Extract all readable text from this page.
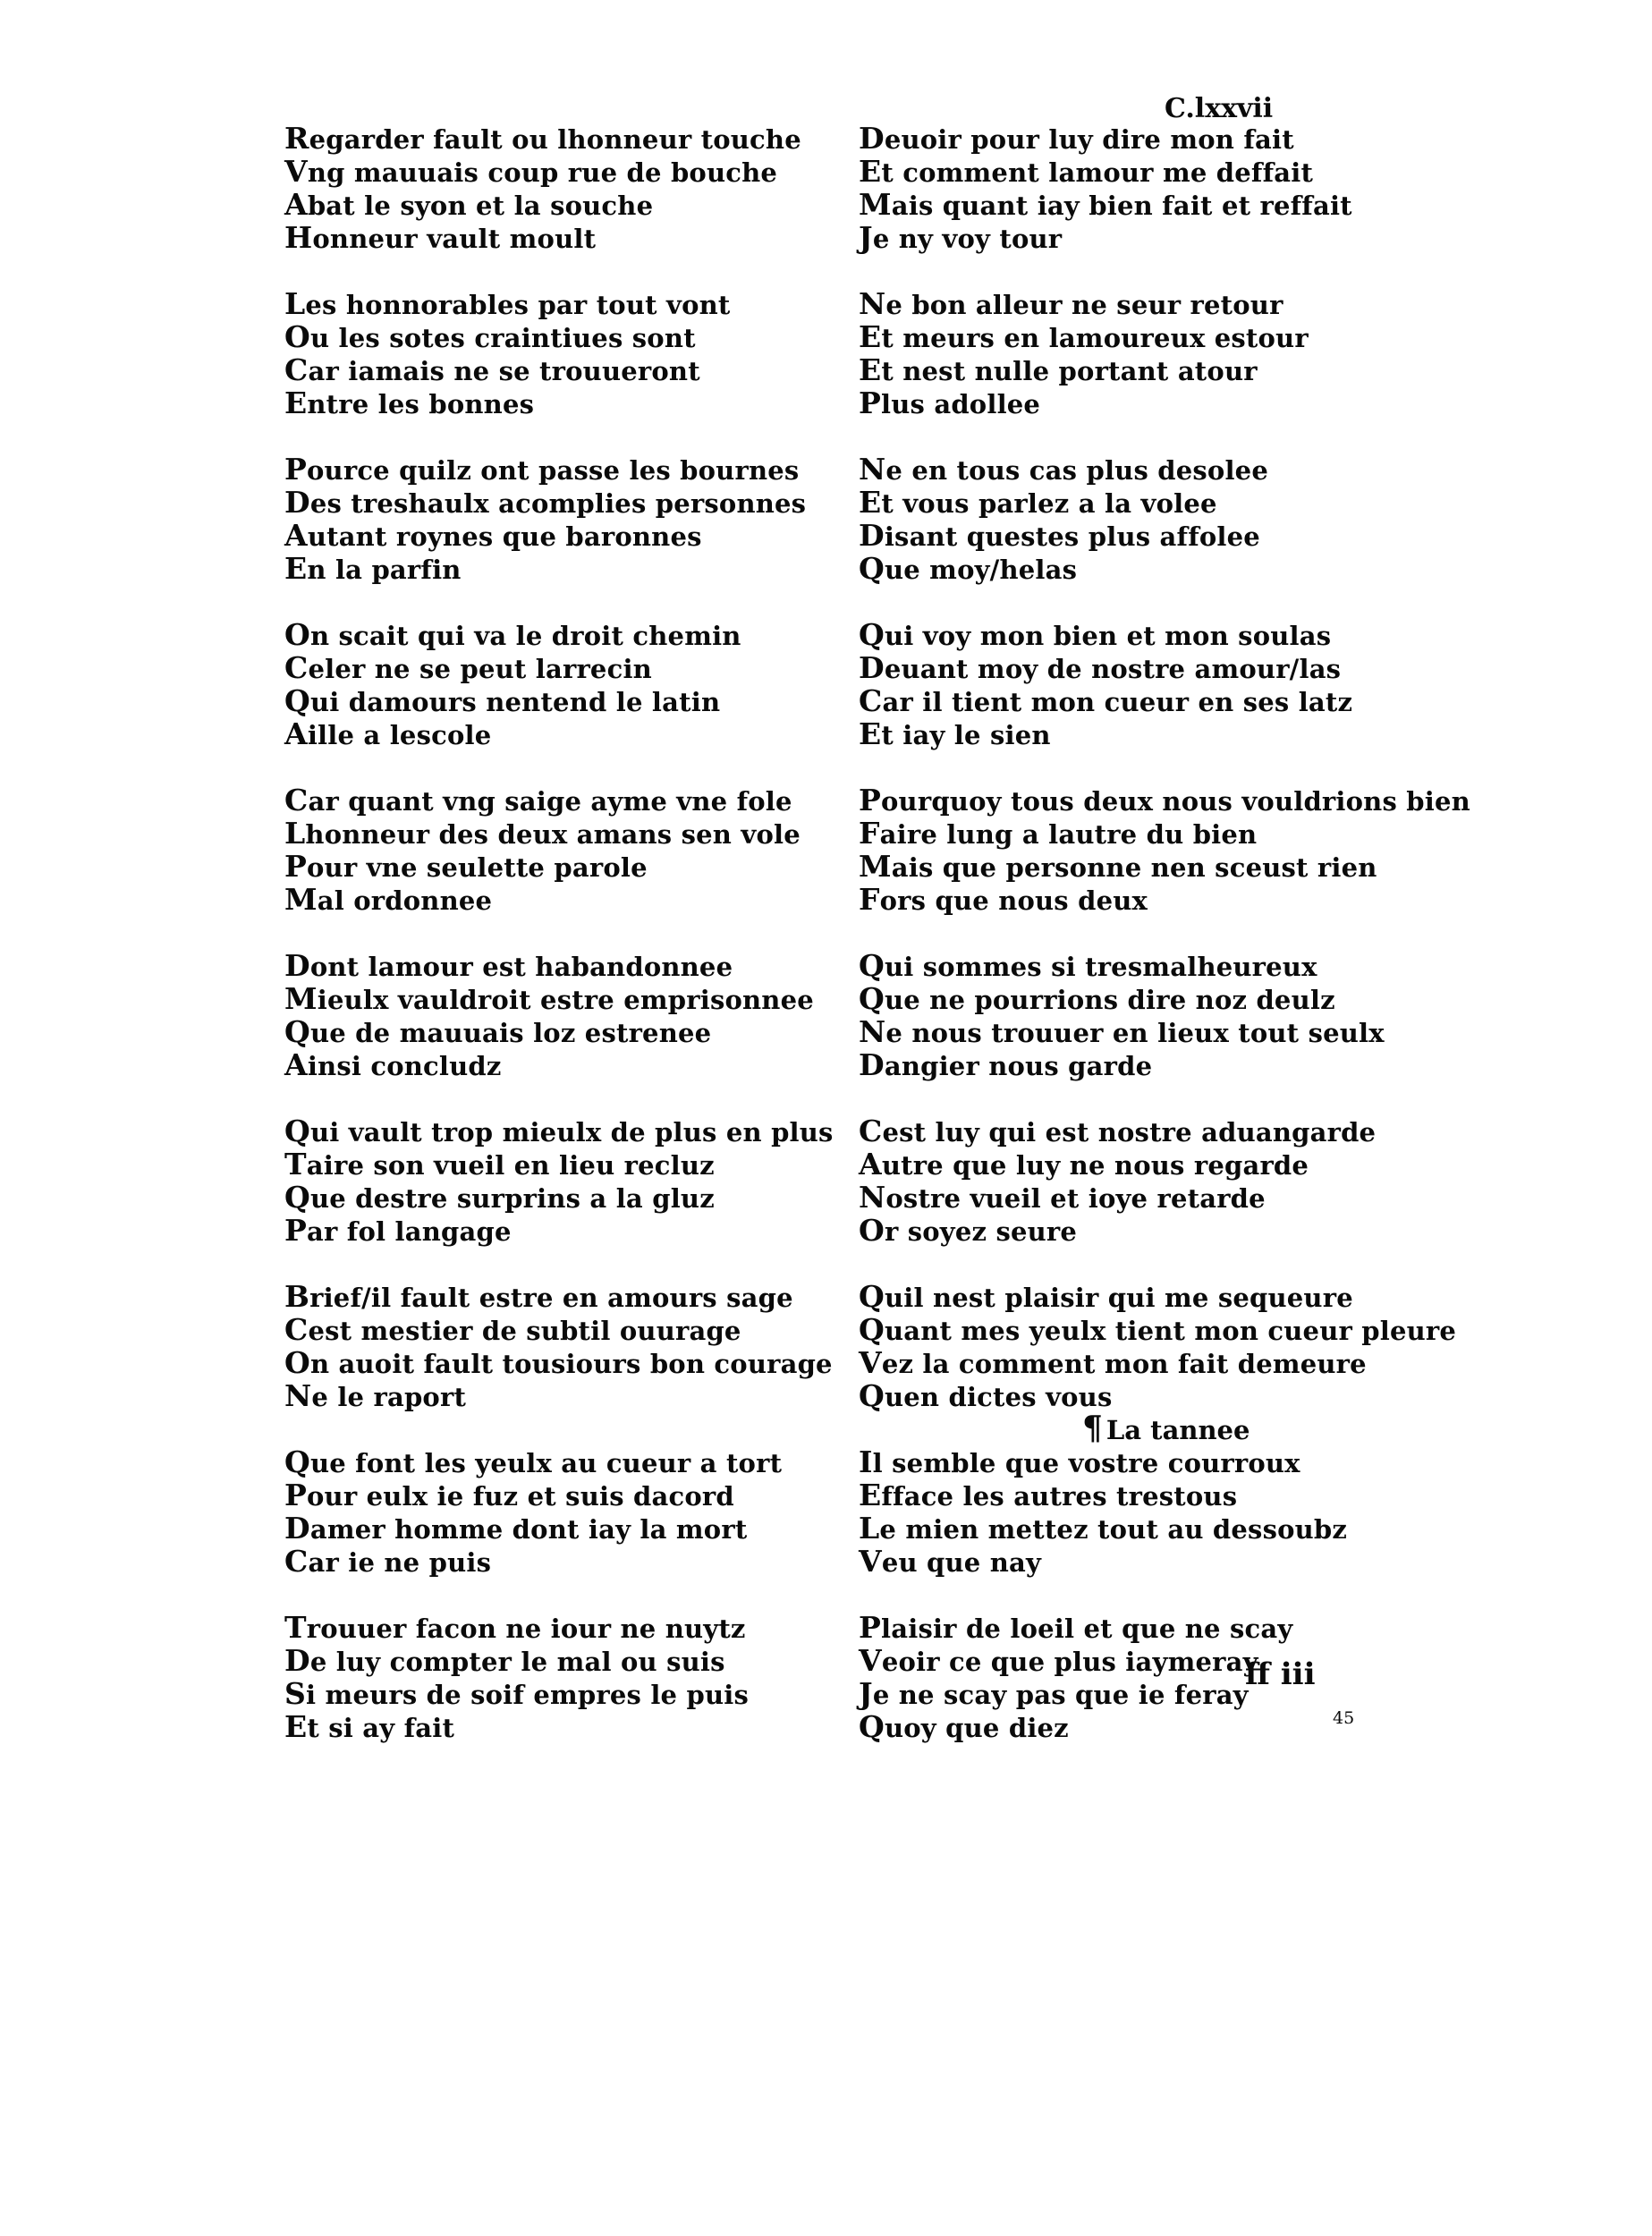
C.lxxvii
Regarder fault ou lhonneur touche
Vng mauuais coup rue de bouche
Abat le syon et la souche
Honneur vault moult
Les honnorables par tout vont
Ou les sotes craintiues sont
Car iamais ne se trouueront
Entre les bonnes
Pource quilz ont passe les bournes
Des treshaulx acomplies personnes
Autant roynes que baronnes
En la parfin
On scait qui va le droit chemin
Celer ne se peut larrecin
Qui damours nentend le latin
Aille a lescole
Car quant vng saige ayme vne fole
Lhonneur des deux amans sen vole
Pour vne seulette parole
Mal ordonnee
Dont lamour est habandonnee
Mieulx vauldroit estre emprisonnee
Que de mauuais loz estrenee
Ainsi concludz
Qui vault trop mieulx de plus en plus
Taire son vueil en lieu recluz
Que destre surprins a la gluz
Par fol langage
Brief/il fault estre en amours sage
Cest mestier de subtil ouurage
On auoit fault tousiours bon courage
Ne le raport
Que font les yeulx au cueur a tort
Pour eulx ie fuz et suis dacord
Damer homme dont iay la mort
Car ie ne puis
Trouuer facon ne iour ne nuytz
De luy compter le mal ou suis
Si meurs de soif empres le puis
Et si ay fait
Deuoir pour luy dire mon fait
Et comment lamour me deffait
Mais quant iay bien fait et reffait
Je ny voy tour
Ne bon alleur ne seur retour
Et meurs en lamoureux estour
Et nest nulle portant atour
Plus adollee
Ne en tous cas plus desolee
Et vous parlez a la volee
Disant questes plus affolee
Que moy/helas
Qui voy mon bien et mon soulas
Deuant moy de nostre amour/las
Car il tient mon cueur en ses latz
Et iay le sien
Pourquoy tous deux nous vouldrions bien
Faire lung a lautre du bien
Mais que personne nen sceust rien
Fors que nous deux
Qui sommes si tresmalheureux
Que ne pourrions dire noz deulz
Ne nous trouuer en lieux tout seulx
Dangier nous garde
Cest luy qui est nostre aduangarde
Autre que luy ne nous regarde
Nostre vueil et ioye retarde
Or soyez seure
Quil nest plaisir qui me sequeure
Quant mes yeulx tient mon cueur pleure
Vez la comment mon fait demeure
Quen dictes vous
¶ La tannee
Il semble que vostre courroux
Efface les autres trestous
Le mien mettez tout au dessoubz
Veu que nay
Plaisir de loeil et que ne scay
Veoir ce que plus iaymeray
Je ne scay pas que ie feray
Quoy que diez
ff iii
45
